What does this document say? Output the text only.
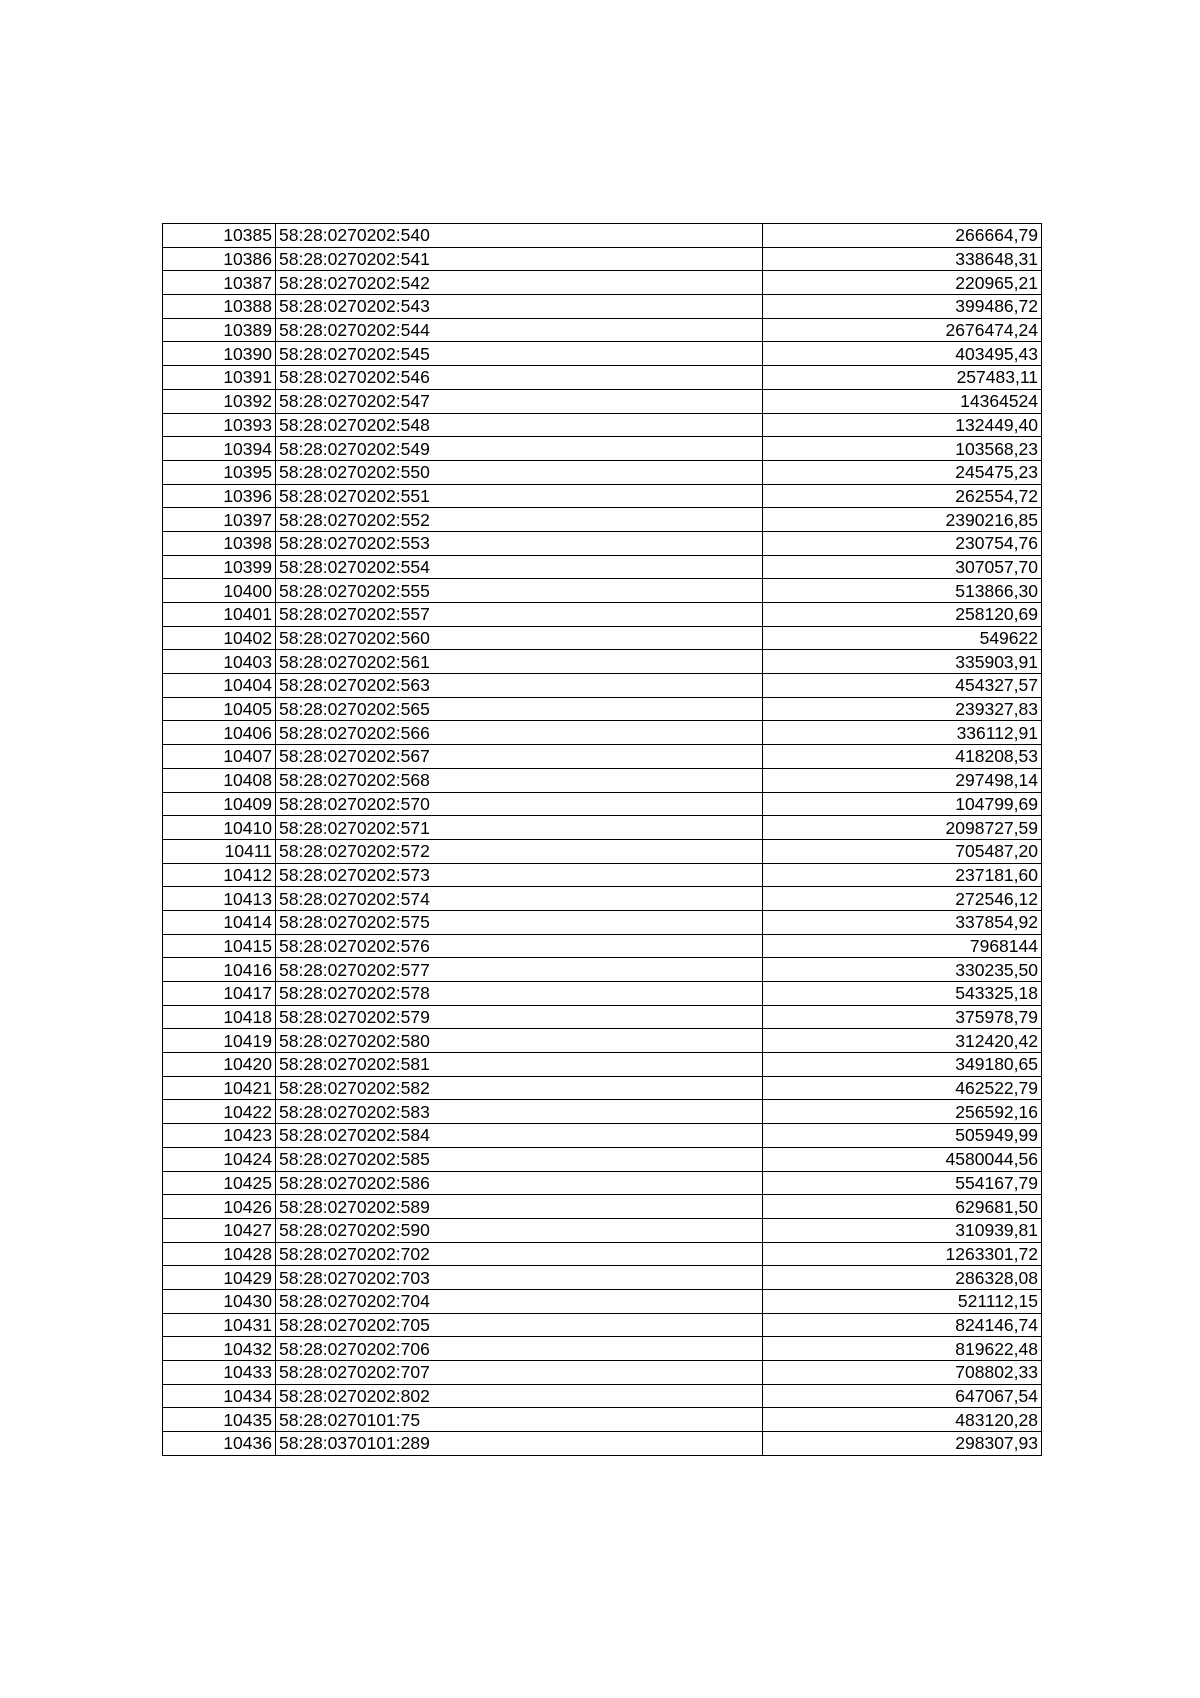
10385	58:28:0270202:540	266664,79
10386	58:28:0270202:541	338648,31
10387	58:28:0270202:542	220965,21
10388	58:28:0270202:543	399486,72
10389	58:28:0270202:544	2676474,24
10390	58:28:0270202:545	403495,43
10391	58:28:0270202:546	257483,11
10392	58:28:0270202:547	14364524
10393	58:28:0270202:548	132449,40
10394	58:28:0270202:549	103568,23
10395	58:28:0270202:550	245475,23
10396	58:28:0270202:551	262554,72
10397	58:28:0270202:552	2390216,85
10398	58:28:0270202:553	230754,76
10399	58:28:0270202:554	307057,70
10400	58:28:0270202:555	513866,30
10401	58:28:0270202:557	258120,69
10402	58:28:0270202:560	549622
10403	58:28:0270202:561	335903,91
10404	58:28:0270202:563	454327,57
10405	58:28:0270202:565	239327,83
10406	58:28:0270202:566	336112,91
10407	58:28:0270202:567	418208,53
10408	58:28:0270202:568	297498,14
10409	58:28:0270202:570	104799,69
10410	58:28:0270202:571	2098727,59
10411	58:28:0270202:572	705487,20
10412	58:28:0270202:573	237181,60
10413	58:28:0270202:574	272546,12
10414	58:28:0270202:575	337854,92
10415	58:28:0270202:576	7968144
10416	58:28:0270202:577	330235,50
10417	58:28:0270202:578	543325,18
10418	58:28:0270202:579	375978,79
10419	58:28:0270202:580	312420,42
10420	58:28:0270202:581	349180,65
10421	58:28:0270202:582	462522,79
10422	58:28:0270202:583	256592,16
10423	58:28:0270202:584	505949,99
10424	58:28:0270202:585	4580044,56
10425	58:28:0270202:586	554167,79
10426	58:28:0270202:589	629681,50
10427	58:28:0270202:590	310939,81
10428	58:28:0270202:702	1263301,72
10429	58:28:0270202:703	286328,08
10430	58:28:0270202:704	521112,15
10431	58:28:0270202:705	824146,74
10432	58:28:0270202:706	819622,48
10433	58:28:0270202:707	708802,33
10434	58:28:0270202:802	647067,54
10435	58:28:0270101:75	483120,28
10436	58:28:0370101:289	298307,93
